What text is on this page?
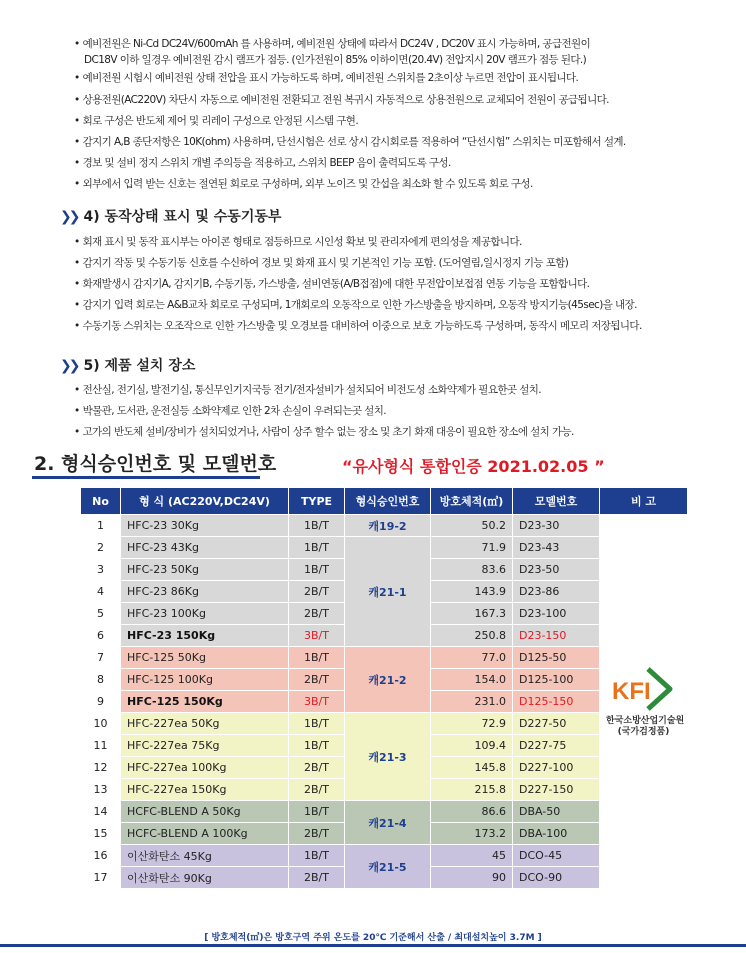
• 예비전원은 Ni-Cd DC24V/600mAh 를 사용하며, 예비전원 상태에 따라서 DC24V , DC20V 표시 가능하며, 공급전원이
DC18V 이하 일경우 예비전원 감시 램프가 점등. (인가전원이 85% 이하이면(20.4V) 전압지시 20V 램프가 점등 된다.)
• 예비전원 시험시 예비전원 상태 전압을 표시 가능하도록 하며, 예비전원 스위치를 2초이상 누르면 전압이 표시됩니다.
• 상용전원(AC220V) 차단시 자동으로 예비전원 전환되고 전원 복귀시 자동적으로 상용전원으로 교체되어 전원이 공급됩니다.
• 회로 구성은 반도체 제어 및 리레이 구성으로 안정된 시스템 구현.
• 감지기 A,B 종단저항은 10K(ohm) 사용하며, 단선시험은 선로 상시 감시회로를 적용하여 “단선시험” 스위치는 미포함해서 설계.
• 경보 및 설비 정지 스위치 개별 주의등을 적용하고, 스위치 BEEP 음이 출력되도록 구성.
• 외부에서 입력 받는 신호는 절연된 회로로 구성하며, 외부 노이즈 및 간섭을 최소화 할 수 있도록 회로 구성.
❯❯ 4) 동작상태 표시 및 수동기동부
• 회재 표시 및 동작 표시부는 아이콘 형태로 점등하므로 시인성 확보 및 관리자에게 편의성을 제공합니다.
• 감지기 작동 및 수동기동 신호를 수신하여 경보 및 화재 표시 및 기본적인 기능 포함. (도어열림,일시정지 기능 포함)
• 화재발생시 감지기A, 감지기B, 수동기동, 가스방출, 설비연동(A/B접점)에 대한 무전압이보접점 연동 기능을 포함합니다.
• 감지기 입력 회로는 A&B교차 회로로 구성되며, 1개회로의 오동작으로 인한 가스방출을 방지하며, 오동작 방지기능(45sec)을 내장.
• 수동기동 스위치는 오조작으로 인한 가스방출 및 오경보를 대비하여 이중으로 보호 가능하도록 구성하며, 동작시 메모리 저장됩니다.
❯❯ 5) 제품 설치 장소
• 전산실, 전기실, 발전기실, 통신무인기지국등 전기/전자설비가 설치되어 비전도성 소화약제가 필요한곳 설치.
• 박물관, 도서관, 운전실등 소화약제로 인한 2차 손실이 우려되는곳 설치.
• 고가의 반도체 설비/장비가 설치되었거나, 사람이 상주 할수 없는 장소 및 초기 화재 대응이 필요한 장소에 설치 가능.
2. 형식승인번호 및 모델번호	“유사형식 통합인증 2021.02.05 ”
No	형 식 (AC220V,DC24V)	TYPE	형식승인번호	방호체적(㎥)	모델번호	비 고
1	HFC-23 30Kg	1B/T	캐19-2	50.2	D23-30	KFI
한국소방산업기술원
(국가검정품)

2	HFC-23 43Kg	1B/T	캐21-1	71.9	D23-43	
3	HFC-23 50Kg	1B/T		83.6	D23-50	
4	HFC-23 86Kg	2B/T		143.9	D23-86	
5	HFC-23 100Kg	2B/T		167.3	D23-100	
6	HFC-23 150Kg	3B/T		250.8	D23-150	
7	HFC-125 50Kg	1B/T	캐21-2	77.0	D125-50	
8	HFC-125 100Kg	2B/T		154.0	D125-100	
9	HFC-125 150Kg	3B/T		231.0	D125-150	
10	HFC-227ea 50Kg	1B/T	캐21-3	72.9	D227-50	
11	HFC-227ea 75Kg	1B/T		109.4	D227-75	
12	HFC-227ea 100Kg	2B/T		145.8	D227-100	
13	HFC-227ea 150Kg	2B/T		215.8	D227-150	
14	HCFC-BLEND A 50Kg	1B/T	캐21-4	86.6	DBA-50	
15	HCFC-BLEND A 100Kg	2B/T		173.2	DBA-100	
16	이산화탄소 45Kg	1B/T	캐21-5	45	DCO-45	
17	이산화탄소 90Kg	2B/T		90	DCO-90	
[ 방호체적(㎥)은 방호구역 주위 온도를 20℃ 기준해서 산출 / 최대설치높이 3.7M ]
